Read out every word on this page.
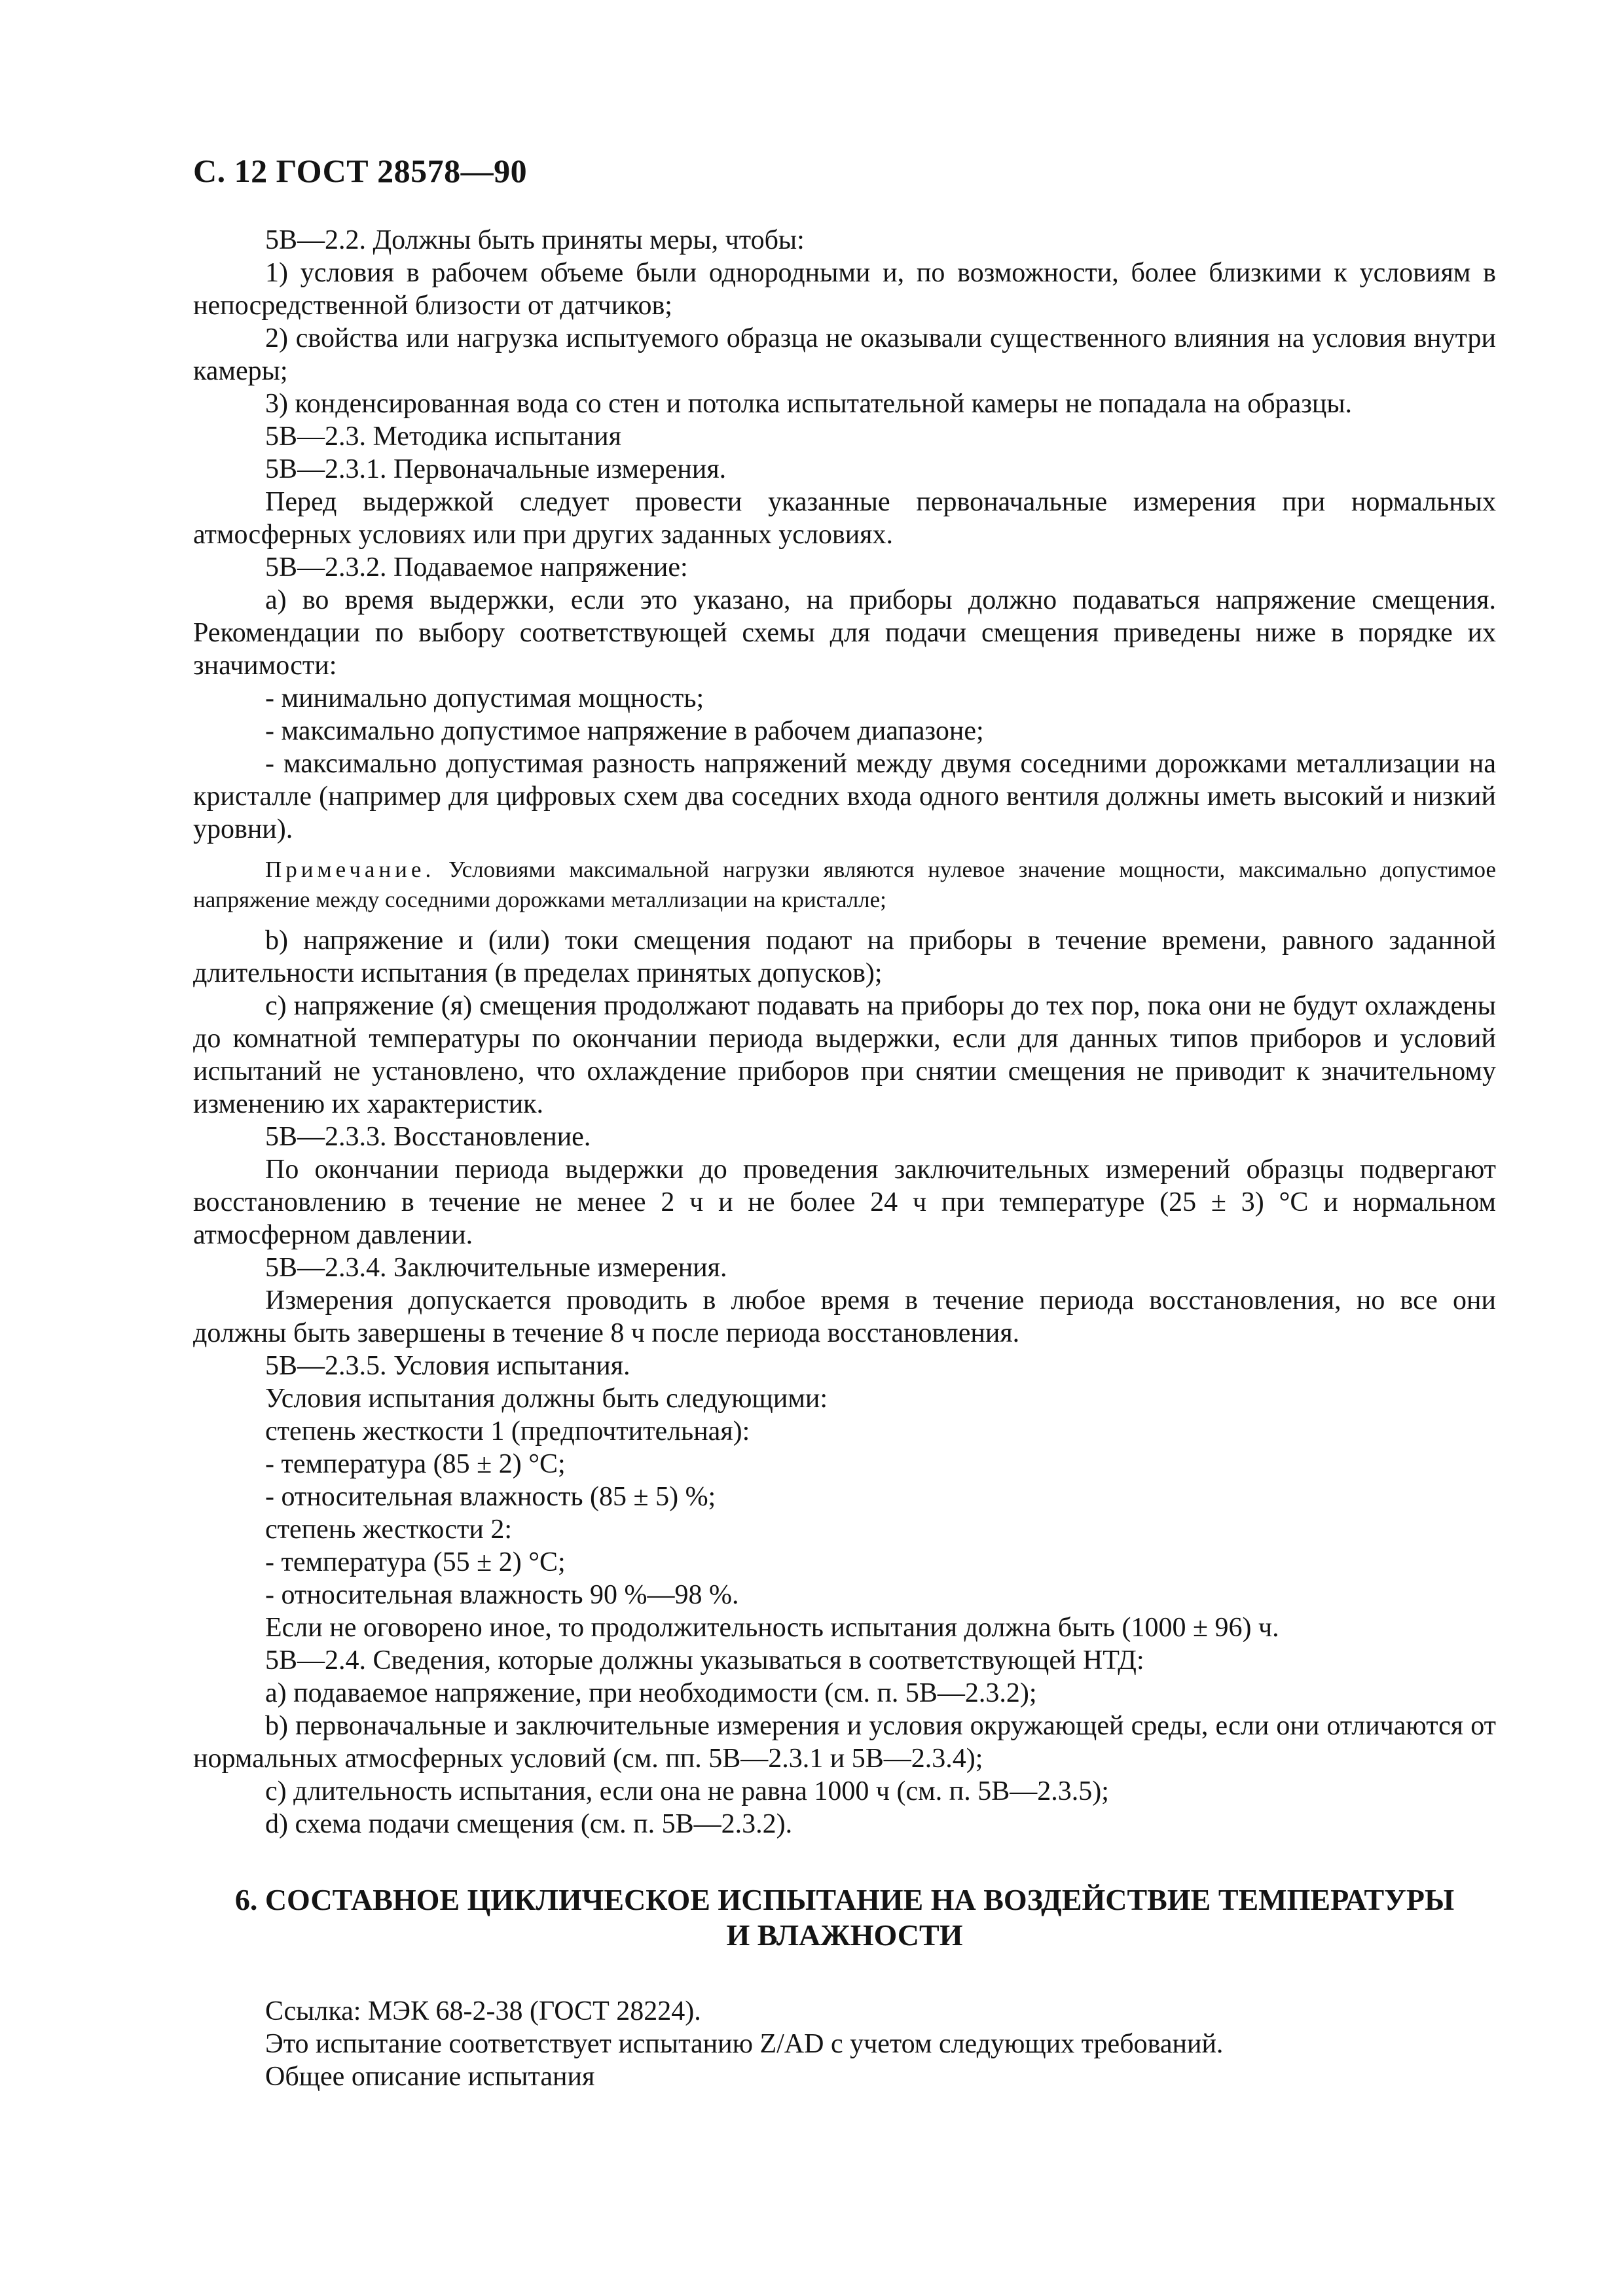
С. 12 ГОСТ 28578—90

5В—2.2. Должны быть приняты меры, чтобы:

1) условия в рабочем объеме были однородными и, по возможности, более близкими к условиям в непосредственной близости от датчиков;

2) свойства или нагрузка испытуемого образца не оказывали существенного влияния на условия внутри камеры;

3) конденсированная вода со стен и потолка испытательной камеры не попадала на образцы.

5В—2.3. Методика испытания

5В—2.3.1. Первоначальные измерения.

Перед выдержкой следует провести указанные первоначальные измерения при нормальных атмосферных условиях или при других заданных условиях.

5В—2.3.2. Подаваемое напряжение:

а) во время выдержки, если это указано, на приборы должно подаваться напряжение смещения. Рекомендации по выбору соответствующей схемы для подачи смещения приведены ниже в порядке их значимости:

- минимально допустимая мощность;

- максимально допустимое напряжение в рабочем диапазоне;

- максимально допустимая разность напряжений между двумя соседними дорожками металлизации на кристалле (например для цифровых схем два соседних входа одного вентиля должны иметь высокий и низкий уровни).

Примечание. Условиями максимальной нагрузки являются нулевое значение мощности, максимально допустимое напряжение между соседними дорожками металлизации на кристалле;

b) напряжение и (или) токи смещения подают на приборы в течение времени, равного заданной длительности испытания (в пределах принятых допусков);

с) напряжение (я) смещения продолжают подавать на приборы до тех пор, пока они не будут охлаждены до комнатной температуры по окончании периода выдержки, если для данных типов приборов и условий испытаний не установлено, что охлаждение приборов при снятии смещения не приводит к значительному изменению их характеристик.

5В—2.3.3. Восстановление.

По окончании периода выдержки до проведения заключительных измерений образцы подвергают восстановлению в течение не менее 2 ч и не более 24 ч при температуре (25 ± 3) °С и нормальном атмосферном давлении.

5В—2.3.4. Заключительные измерения.

Измерения допускается проводить в любое время в течение периода восстановления, но все они должны быть завершены в течение 8 ч после периода восстановления.

5В—2.3.5. Условия испытания.

Условия испытания должны быть следующими:

степень жесткости 1 (предпочтительная):

- температура (85 ± 2) °С;

- относительная влажность (85 ± 5) %;

степень жесткости 2:

- температура (55 ± 2) °С;

- относительная влажность 90 %—98 %.

Если не оговорено иное, то продолжительность испытания должна быть (1000 ± 96) ч.

5В—2.4. Сведения, которые должны указываться в соответствующей НТД:

а) подаваемое напряжение, при необходимости (см. п. 5В—2.3.2);

b) первоначальные и заключительные измерения и условия окружающей среды, если они отличаются от нормальных атмосферных условий (см. пп. 5В—2.3.1 и 5В—2.3.4);

с) длительность испытания, если она не равна 1000 ч (см. п. 5В—2.3.5);

d) схема подачи смещения (см. п. 5В—2.3.2).

6. СОСТАВНОЕ ЦИКЛИЧЕСКОЕ ИСПЫТАНИЕ НА ВОЗДЕЙСТВИЕ ТЕМПЕРАТУРЫ
И ВЛАЖНОСТИ

Ссылка: МЭК 68-2-38 (ГОСТ 28224).

Это испытание соответствует испытанию Z/AD с учетом следующих требований.

Общее описание испытания
